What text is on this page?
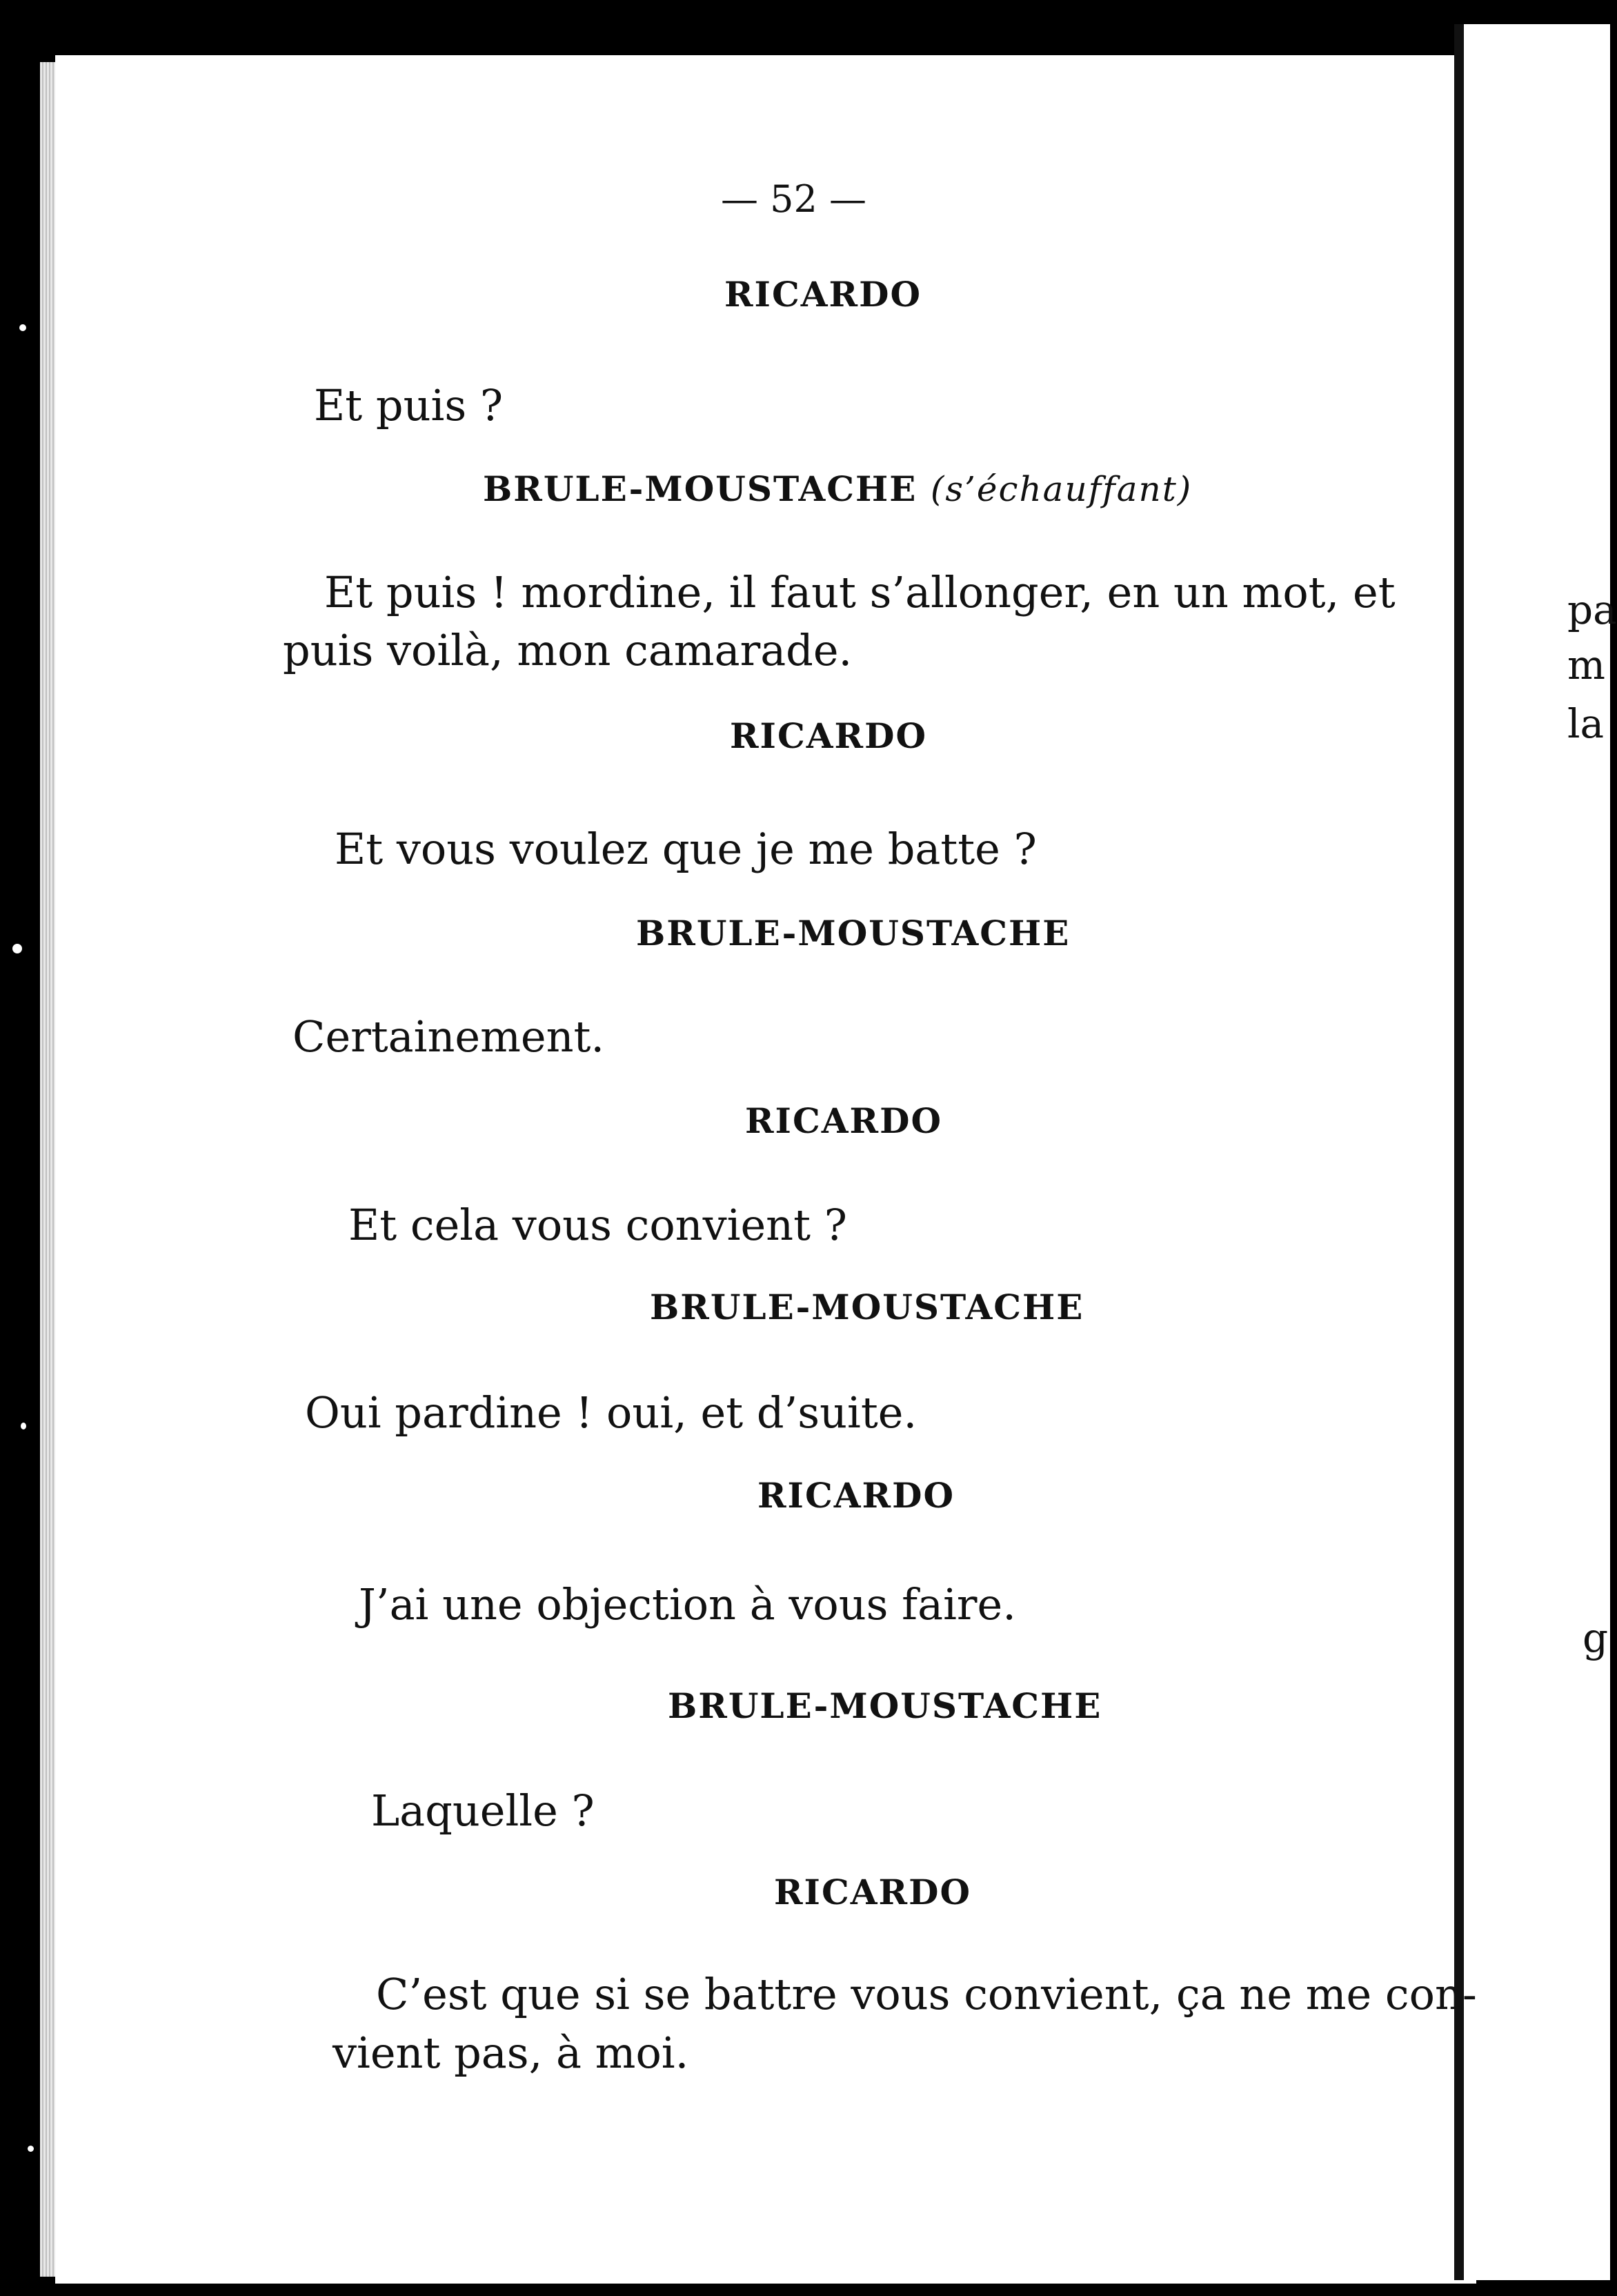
pa
m
la
g
— 52 —
RICARDO
Et puis ?
BRULE-MOUSTACHE (s’échauffant)
Et puis ! mordine, il faut s’allonger, en un mot, et
puis voilà, mon camarade.
RICARDO
Et vous voulez que je me batte ?
BRULE-MOUSTACHE
Certainement.
RICARDO
Et cela vous convient ?
BRULE-MOUSTACHE
Oui pardine ! oui, et d’suite.
RICARDO
J’ai une objection à vous faire.
BRULE-MOUSTACHE
Laquelle ?
RICARDO
C’est que si se battre vous convient, ça ne me con-
vient pas, à moi.
